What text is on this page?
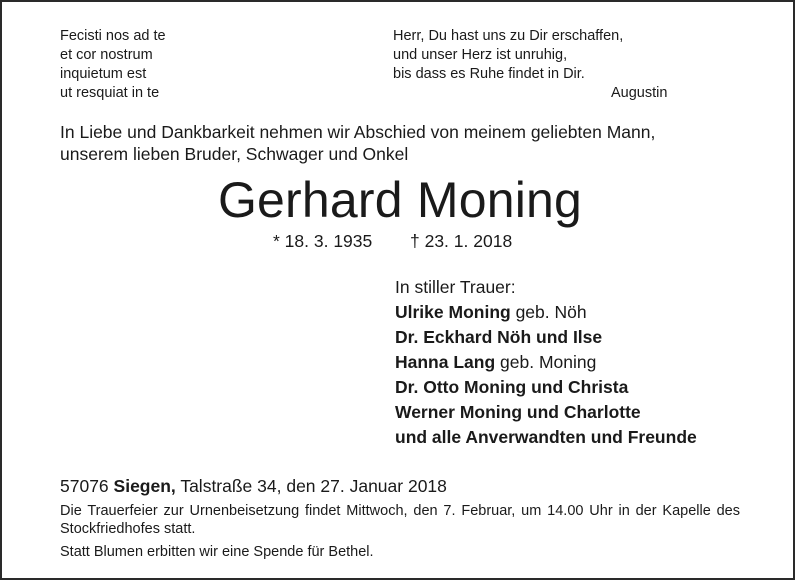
Fecisti nos ad te
et cor nostrum
inquietum est
ut resquiat in te
Herr, Du hast uns zu Dir erschaffen,
und unser Herz ist unruhig,
bis dass es Ruhe findet in Dir.
Augustin
In Liebe und Dankbarkeit nehmen wir Abschied von meinem geliebten Mann,
unserem lieben Bruder, Schwager und Onkel
Gerhard Moning
* 18. 3. 1935 † 23. 1. 2018
In stiller Trauer:
Ulrike Moning geb. Nöh
Dr. Eckhard Nöh und Ilse
Hanna Lang geb. Moning
Dr. Otto Moning und Christa
Werner Moning und Charlotte
und alle Anverwandten und Freunde
57076 Siegen, Talstraße 34, den 27. Januar 2018
Die Trauerfeier zur Urnenbeisetzung findet Mittwoch, den 7. Februar, um 14.00 Uhr in der Kapelle des Stockfriedhofes statt.
Statt Blumen erbitten wir eine Spende für Bethel.
